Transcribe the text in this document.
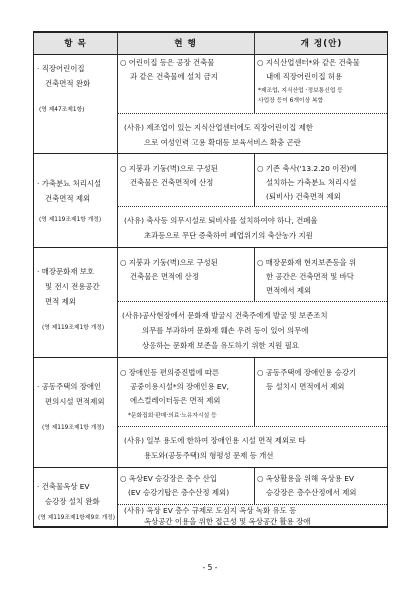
항 목	현 행	개 정(안)
· 직장어린이집
건축면적 완화
(영 제47조제1항)
○ 어린이집 등은 공장 건축물
과 같은 건축물에 설치 금지
○ 지식산업센터*와 같은 건축물
내에 직장어린이집 허용
*제조업, 지식산업 ·정보통신업 등
사업장 등이 6개이상 복합
(사유) 제조업이 있는 지식산업센터에도 직장어린이집 제한
으로 여성인력 고용 확대등 보육서비스 확충 곤란
· 가축분뇨 처리시설
건축면적 제외
(영 제119조제1항 개정)
○ 지붕과 기둥(벽)으로 구성된
건축물은 건축면적에 산정
○ 기존 축사('13.2.20 이전)에
설치하는 가축분뇨 처리시설
(퇴비사) 건축면적 제외
(사유) 축사등 의무시설로 퇴비사를 설치하여야 하나, 건폐율
초과등으로 무단 증축하여 폐업위기의 축산농가 지원
· 매장문화재 보호
및 전시 전용공간
면적 제외
(영 제119조제1항 개정)
○ 지붕과 기둥(벽)으로 구성된
건축물은 면적에 산정
○ 매장문화재 현지보존등을 위
한 공간은 건축면적 및 바닥
면적에서 제외
(사유)공사현장에서 문화재 발굴시 건축주에게 발굴 및 보존조치
의무를 부과하여 문화재 훼손 우려 등이 있어 의무에
상응하는 문화재 보존을 유도하기 위한 지원 필요
· 공동주택의 장애인
편의시설 면적제외
(영 제119조제1항 개정)
○ 장애인등 편의증진법에 따른
공중이용시설*의 장애인용 EV,
에스컬레이터등은 면적 제외
*문화집회·판매·의료·노유자시설 등
○ 공동주택에 장애인용 승강기
등 설치시 면적에서 제외
(사유) 일부 용도에 한하여 장애인용 시설 면적 제외로 타
용도와(공동주택)의 형평성 문제 등 개선
· 건축물옥상 EV
승강장 설치 완화
(영 제119조제1항제9호 개정)
○ 옥상EV 승강장은 층수 산입
(EV 승강기탑은 층수산정 제외)
○ 옥상활용을 위해 옥상용 EV
승강장은 층수산정에서 제외
(사유) 옥상 EV 층수 규제로 도심지 옥상 녹화 유도 등
옥상공간 이용을 위한 접근성 및 옥상공간 활용 장애
- 5 -
